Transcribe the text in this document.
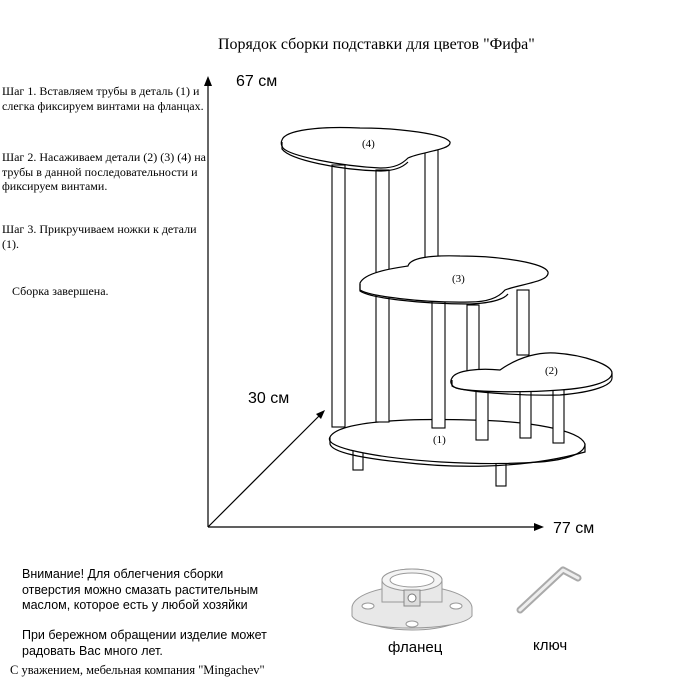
Порядок сборки подставки для цветов "Фифа"
Шаг 1. Вставляем трубы в деталь (1) и слегка фиксируем винтами на фланцах.
Шаг 2. Насаживаем детали (2) (3) (4) на трубы в данной последовательности и фиксируем винтами.
Шаг 3. Прикручиваем ножки к детали (1).
Сборка завершена.
67 см
30 см
77 см
(4)
(3)
(2)
(1)
Внимание! Для облегчения сборки отверстия можно смазать растительным маслом, которое есть у любой хозяйки
При бережном обращении изделие может радовать Вас много лет.
С уважением, мебельная компания "Mingachev"
фланец	ключ
